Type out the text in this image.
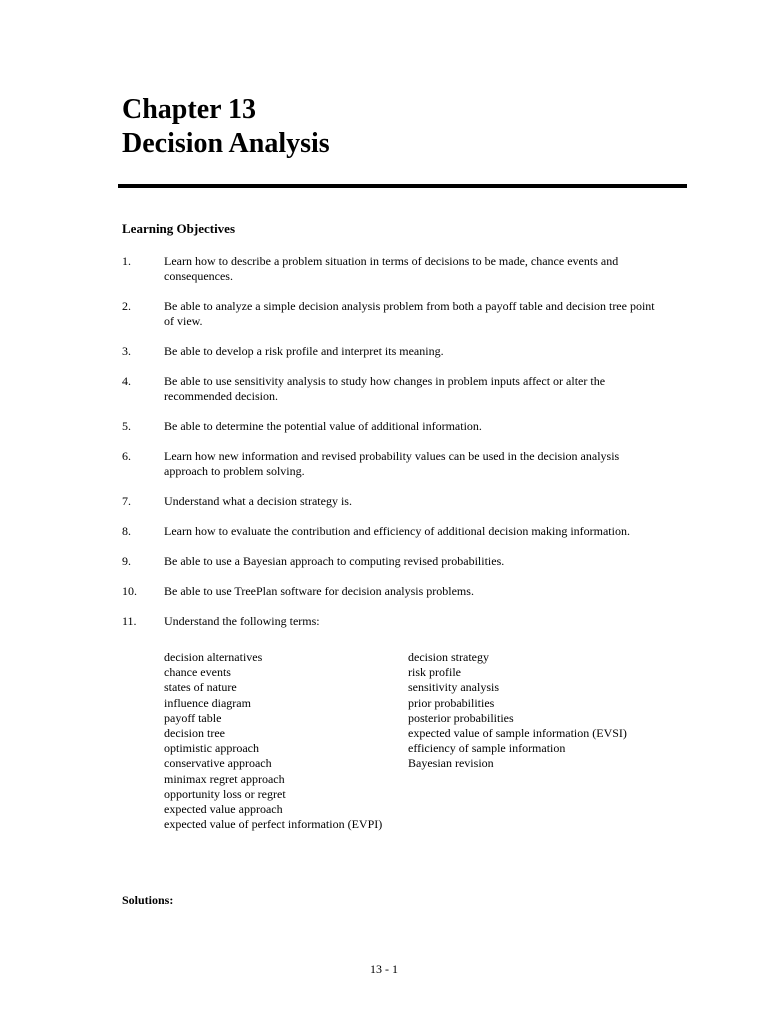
Chapter 13
Decision Analysis
Learning Objectives
1.	Learn how to describe a problem situation in terms of decisions to be made, chance events and consequences.
2.	Be able to analyze a simple decision analysis problem from both a payoff table and decision tree point of view.
3.	Be able to develop a risk profile and interpret its meaning.
4.	Be able to use sensitivity analysis to study how changes in problem inputs affect or alter the recommended decision.
5.	Be able to determine the potential value of additional information.
6.	Learn how new information and revised probability values can be used in the decision analysis approach to problem solving.
7.	Understand what a decision strategy is.
8.	Learn how to evaluate the contribution and efficiency of additional decision making information.
9.	Be able to use a Bayesian approach to computing revised probabilities.
10.	Be able to use TreePlan software for decision analysis problems.
11.	Understand the following terms:
decision alternatives
chance events
states of nature
influence diagram
payoff table
decision tree
optimistic approach
conservative approach
minimax regret approach
opportunity loss or regret
expected value approach
expected value of perfect information (EVPI)
decision strategy
risk profile
sensitivity analysis
prior probabilities
posterior probabilities
expected value of sample information (EVSI)
efficiency of sample information
Bayesian revision
Solutions:
13 - 1
